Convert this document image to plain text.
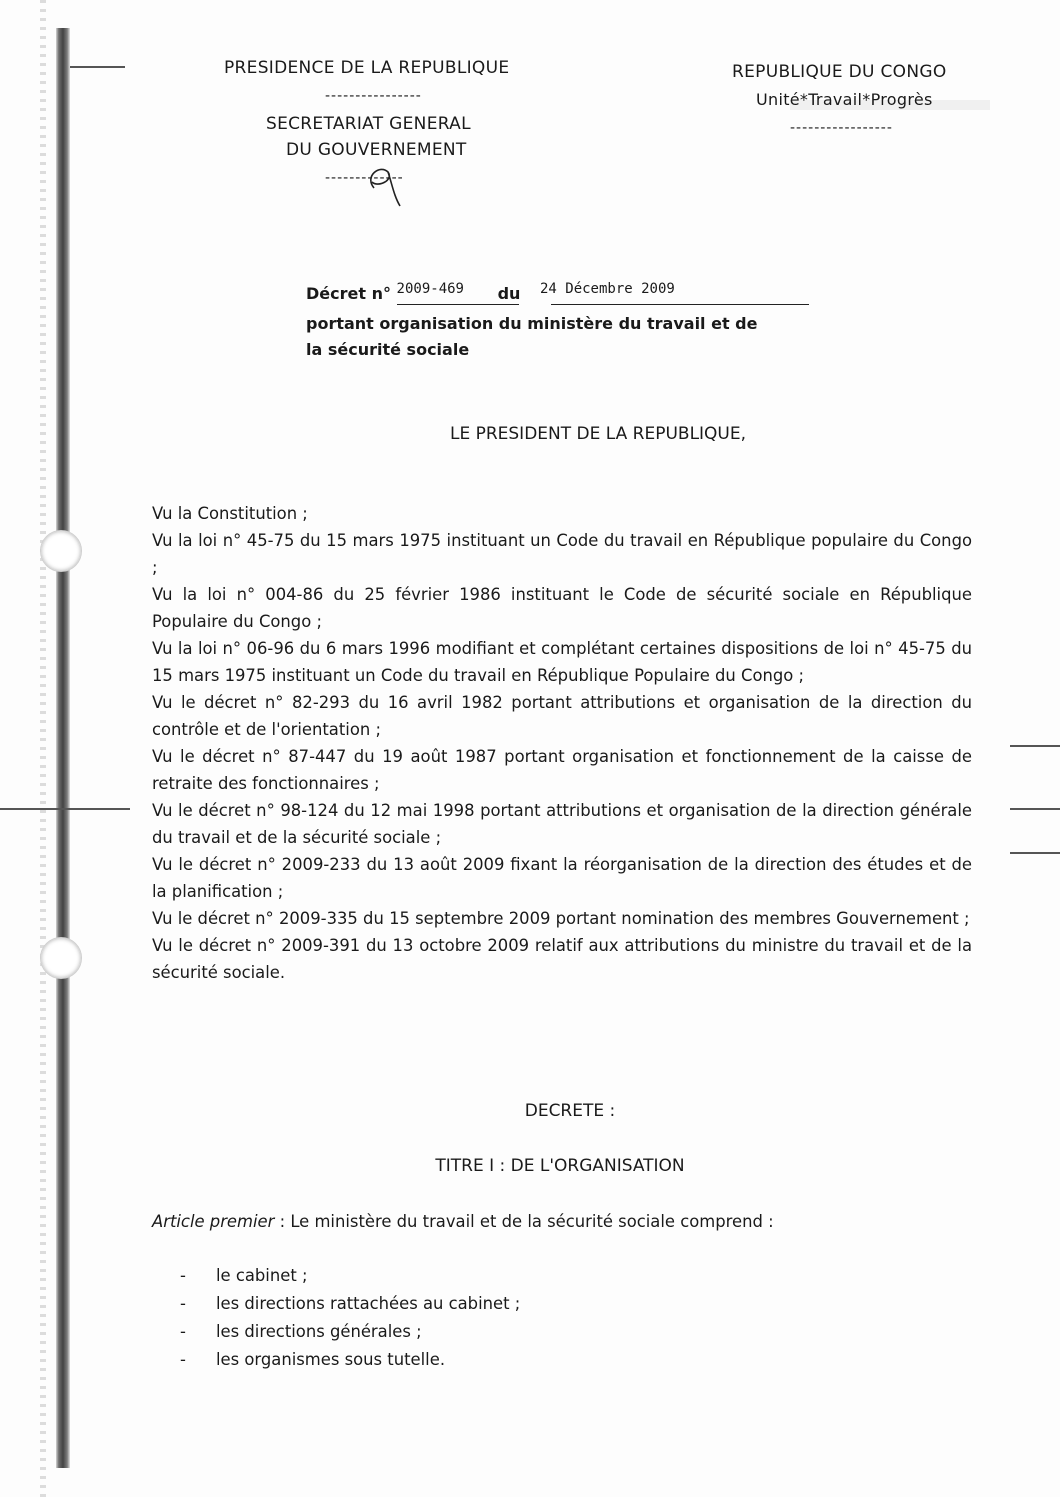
PRESIDENCE DE LA REPUBLIQUE
----------------
SECRETARIAT GENERAL
DU GOUVERNEMENT
-------------
REPUBLIQUE DU CONGO
Unité*Travail*Progrès
-----------------
Décret n° 2009-469 du 24 Décembre 2009
portant organisation du ministère du travail et de
la sécurité sociale
LE PRESIDENT DE LA REPUBLIQUE,

Vu la Constitution ;

Vu la loi n° 45-75 du 15 mars 1975 instituant un Code du travail en République populaire du Congo ;

Vu la loi n° 004-86 du 25 février 1986 instituant le Code de sécurité sociale en République Populaire du Congo ;

Vu la loi n° 06-96 du 6 mars 1996 modifiant et complétant certaines dispositions de loi n° 45-75 du 15 mars 1975 instituant un Code du travail en République Populaire du Congo ;

Vu le décret n° 82-293 du 16 avril 1982 portant attributions et organisation de la direction du contrôle et de l'orientation ;

Vu le décret n° 87-447 du 19 août 1987 portant organisation et fonctionnement de la caisse de retraite des fonctionnaires ;

Vu le décret n° 98-124 du 12 mai 1998 portant attributions et organisation de la direction générale du travail et de la sécurité sociale ;

Vu le décret n° 2009-233 du 13 août 2009 fixant la réorganisation de la direction des études et de la planification ;

Vu le décret n° 2009-335 du 15 septembre 2009 portant nomination des membres Gouvernement ;

Vu le décret n° 2009-391 du 13 octobre 2009 relatif aux attributions du ministre du travail et de la sécurité sociale.

DECRETE :
TITRE I : DE L'ORGANISATION
Article premier : Le ministère du travail et de la sécurité sociale comprend :
- le cabinet ;
- les directions rattachées au cabinet ;
- les directions générales ;
- les organismes sous tutelle.
